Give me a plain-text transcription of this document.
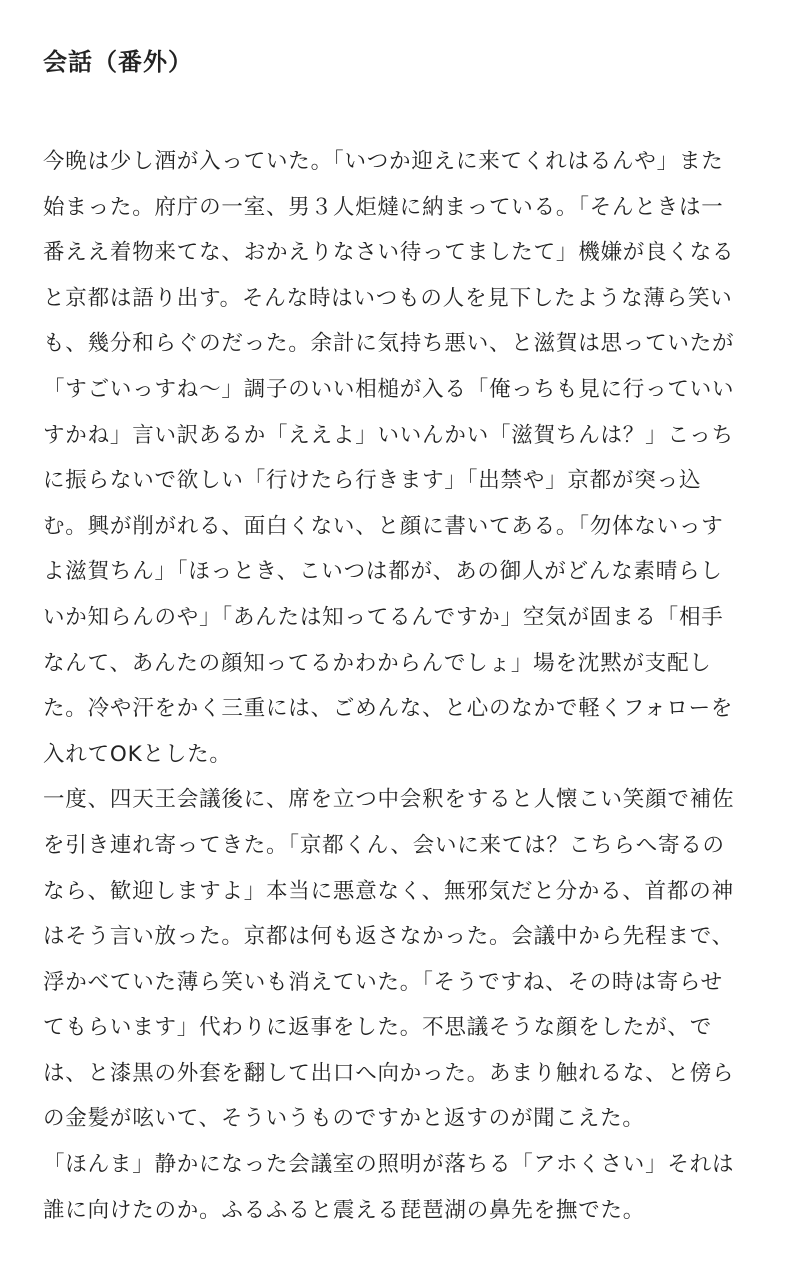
会話（番外）
今晩は少し酒が入っていた。「いつか迎えに来てくれはるんや」また
始まった。府庁の一室、男３人炬燵に納まっている。「そんときは一
番ええ着物来てな、おかえりなさい待ってましたて」機嫌が良くなる
と京都は語り出す。そんな時はいつもの人を見下したような薄ら笑い
も、幾分和らぐのだった。余計に気持ち悪い、と滋賀は思っていたが
「すごいっすね〜」調子のいい相槌が入る「俺っちも見に行っていい
すかね」言い訳あるか「ええよ」いいんかい「滋賀ちんは？」こっち
に振らないで欲しい「行けたら行きます」「出禁や」京都が突っ込
む。興が削がれる、面白くない、と顔に書いてある。「勿体ないっす
よ滋賀ちん」「ほっとき、こいつは都が、あの御人がどんな素晴らし
いか知らんのや」「あんたは知ってるんですか」空気が固まる「相手
なんて、あんたの顔知ってるかわからんでしょ」場を沈黙が支配し
た。冷や汗をかく三重には、ごめんな、と心のなかで軽くフォローを
入れてOKとした。
一度、四天王会議後に、席を立つ中会釈をすると人懐こい笑顔で補佐
を引き連れ寄ってきた。「京都くん、会いに来ては？こちらへ寄るの
なら、歓迎しますよ」本当に悪意なく、無邪気だと分かる、首都の神
はそう言い放った。京都は何も返さなかった。会議中から先程まで、
浮かべていた薄ら笑いも消えていた。「そうですね、その時は寄らせ
てもらいます」代わりに返事をした。不思議そうな顔をしたが、で
は、と漆黒の外套を翻して出口へ向かった。あまり触れるな、と傍ら
の金髪が呟いて、そういうものですかと返すのが聞こえた。
「ほんま」静かになった会議室の照明が落ちる「アホくさい」それは
誰に向けたのか。ふるふると震える琵琶湖の鼻先を撫でた。
